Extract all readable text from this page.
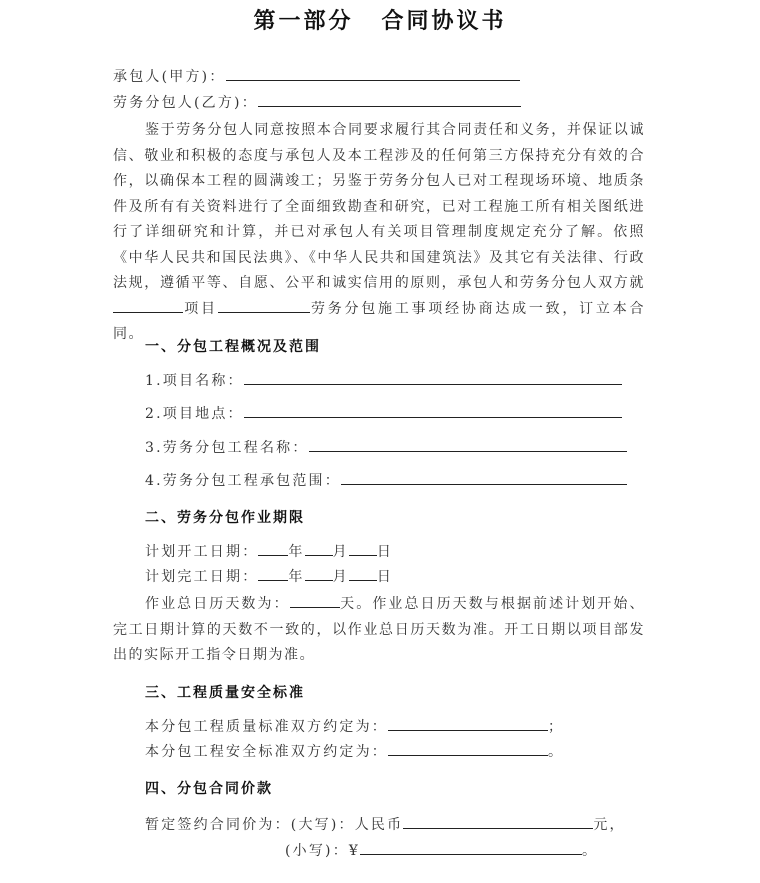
第一部分 合同协议书
承包人(甲方)：
劳务分包人(乙方)：
鉴于劳务分包人同意按照本合同要求履行其合同责任和义务，并保证以诚信、敬业和积极的态度与承包人及本工程涉及的任何第三方保持充分有效的合作，以确保本工程的圆满竣工；另鉴于劳务分包人已对工程现场环境、地质条件及所有有关资料进行了全面细致勘查和研究，已对工程施工所有相关图纸进行了详细研究和计算，并已对承包人有关项目管理制度规定充分了解。依照《中华人民共和国民法典》、《中华人民共和国建筑法》及其它有关法律、行政法规，遵循平等、自愿、公平和诚实信用的原则，承包人和劳务分包人双方就项目	劳务分包施工事项经协商达成一致，订立本合同。
一、分包工程概况及范围
1.项目名称：
2.项目地点：
3.劳务分包工程名称：
4.劳务分包工程承包范围：
二、劳务分包作业期限
计划开工日期： 年 月 日
计划完工日期： 年 月 日
作业总日历天数为：	天。作业总日历天数与根据前述计划开始、完工日期计算的天数不一致的，以作业总日历天数为准。开工日期以项目部发出的实际开工指令日期为准。
三、工程质量安全标准
本分包工程质量标准双方约定为：	；
本分包工程安全标准双方约定为：	。
四、分包合同价款
暂定签约合同价为：(大写)：人民币	元，
(小写)：¥	。
